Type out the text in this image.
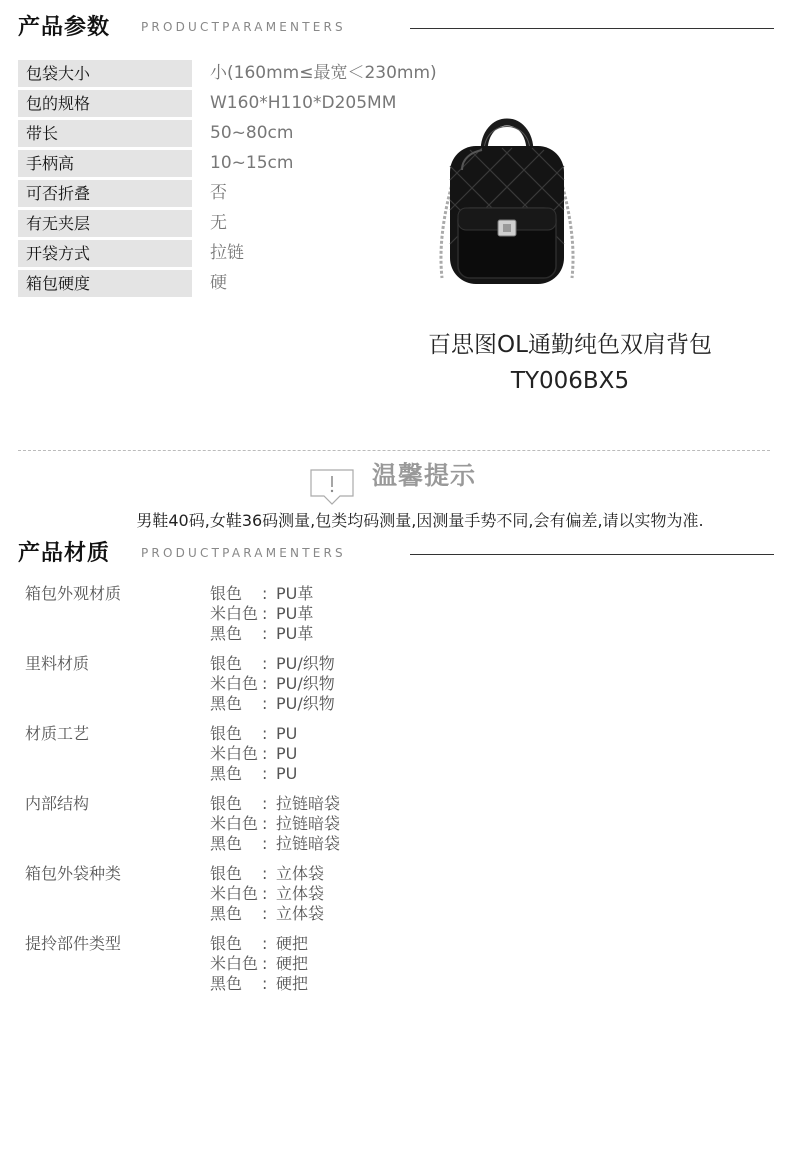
产品参数	PRODUCTPARAMENTERS
包袋大小	小(160mm≤最宽＜230mm)
包的规格	W160*H110*D205MM
带长	50~80cm
手柄高	10~15cm
可否折叠	否
有无夹层	无
开袋方式	拉链
箱包硬度	硬
百思图OL通勤纯色双肩背包
TY006BX5
温馨提示
男鞋40码,女鞋36码测量,包类均码测量,因测量手势不同,会有偏差,请以实物为准.
产品材质	PRODUCTPARAMENTERS
箱包外观材质	银色 : PU革
米白色 : PU革
黑色 : PU革
里料材质	银色 : PU/织物
米白色 : PU/织物
黑色 : PU/织物
材质工艺	银色 : PU
米白色 : PU
黑色 : PU
内部结构	银色 : 拉链暗袋
米白色 : 拉链暗袋
黑色 : 拉链暗袋
箱包外袋种类	银色 : 立体袋
米白色 : 立体袋
黑色 : 立体袋
提拎部件类型	银色 : 硬把
米白色 : 硬把
黑色 : 硬把
